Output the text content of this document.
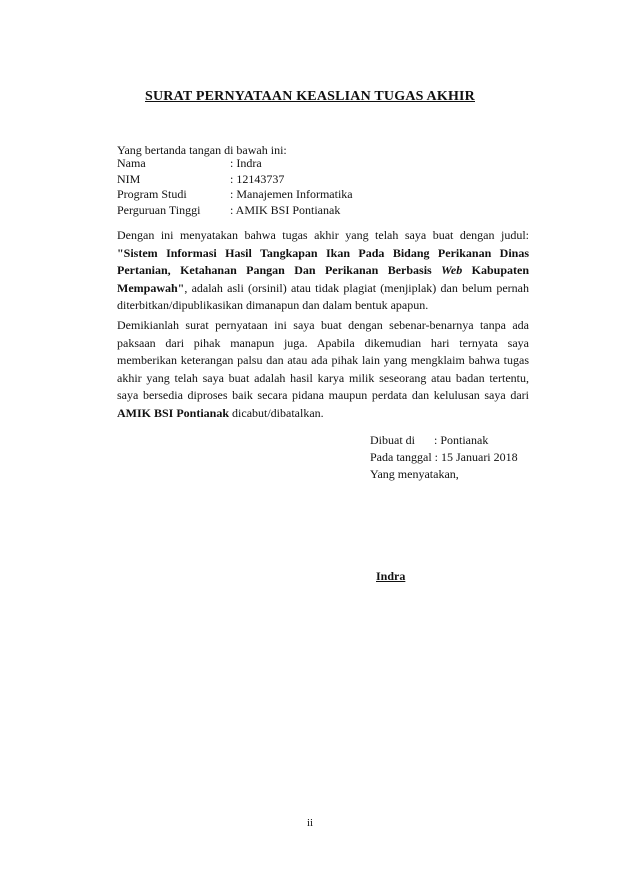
SURAT PERNYATAAN KEASLIAN TUGAS AKHIR
Yang bertanda tangan di bawah ini:
Nama	: Indra
NIM	: 12143737
Program Studi	: Manajemen Informatika
Perguruan Tinggi : AMIK BSI Pontianak
Dengan ini menyatakan bahwa tugas akhir yang telah saya buat dengan judul: "Sistem Informasi Hasil Tangkapan Ikan Pada Bidang Perikanan Dinas Pertanian, Ketahanan Pangan Dan Perikanan Berbasis Web Kabupaten Mempawah", adalah asli (orsinil) atau tidak plagiat (menjiplak) dan belum pernah diterbitkan/dipublikasikan dimanapun dan dalam bentuk apapun.
Demikianlah surat pernyataan ini saya buat dengan sebenar-benarnya tanpa ada paksaan dari pihak manapun juga. Apabila dikemudian hari ternyata saya memberikan keterangan palsu dan atau ada pihak lain yang mengklaim bahwa tugas akhir yang telah saya buat adalah hasil karya milik seseorang atau badan tertentu, saya bersedia diproses baik secara pidana maupun perdata dan kelulusan saya dari AMIK BSI Pontianak dicabut/dibatalkan.
Dibuat di : Pontianak
Pada tanggal : 15 Januari 2018
Yang menyatakan,
Indra
ii
